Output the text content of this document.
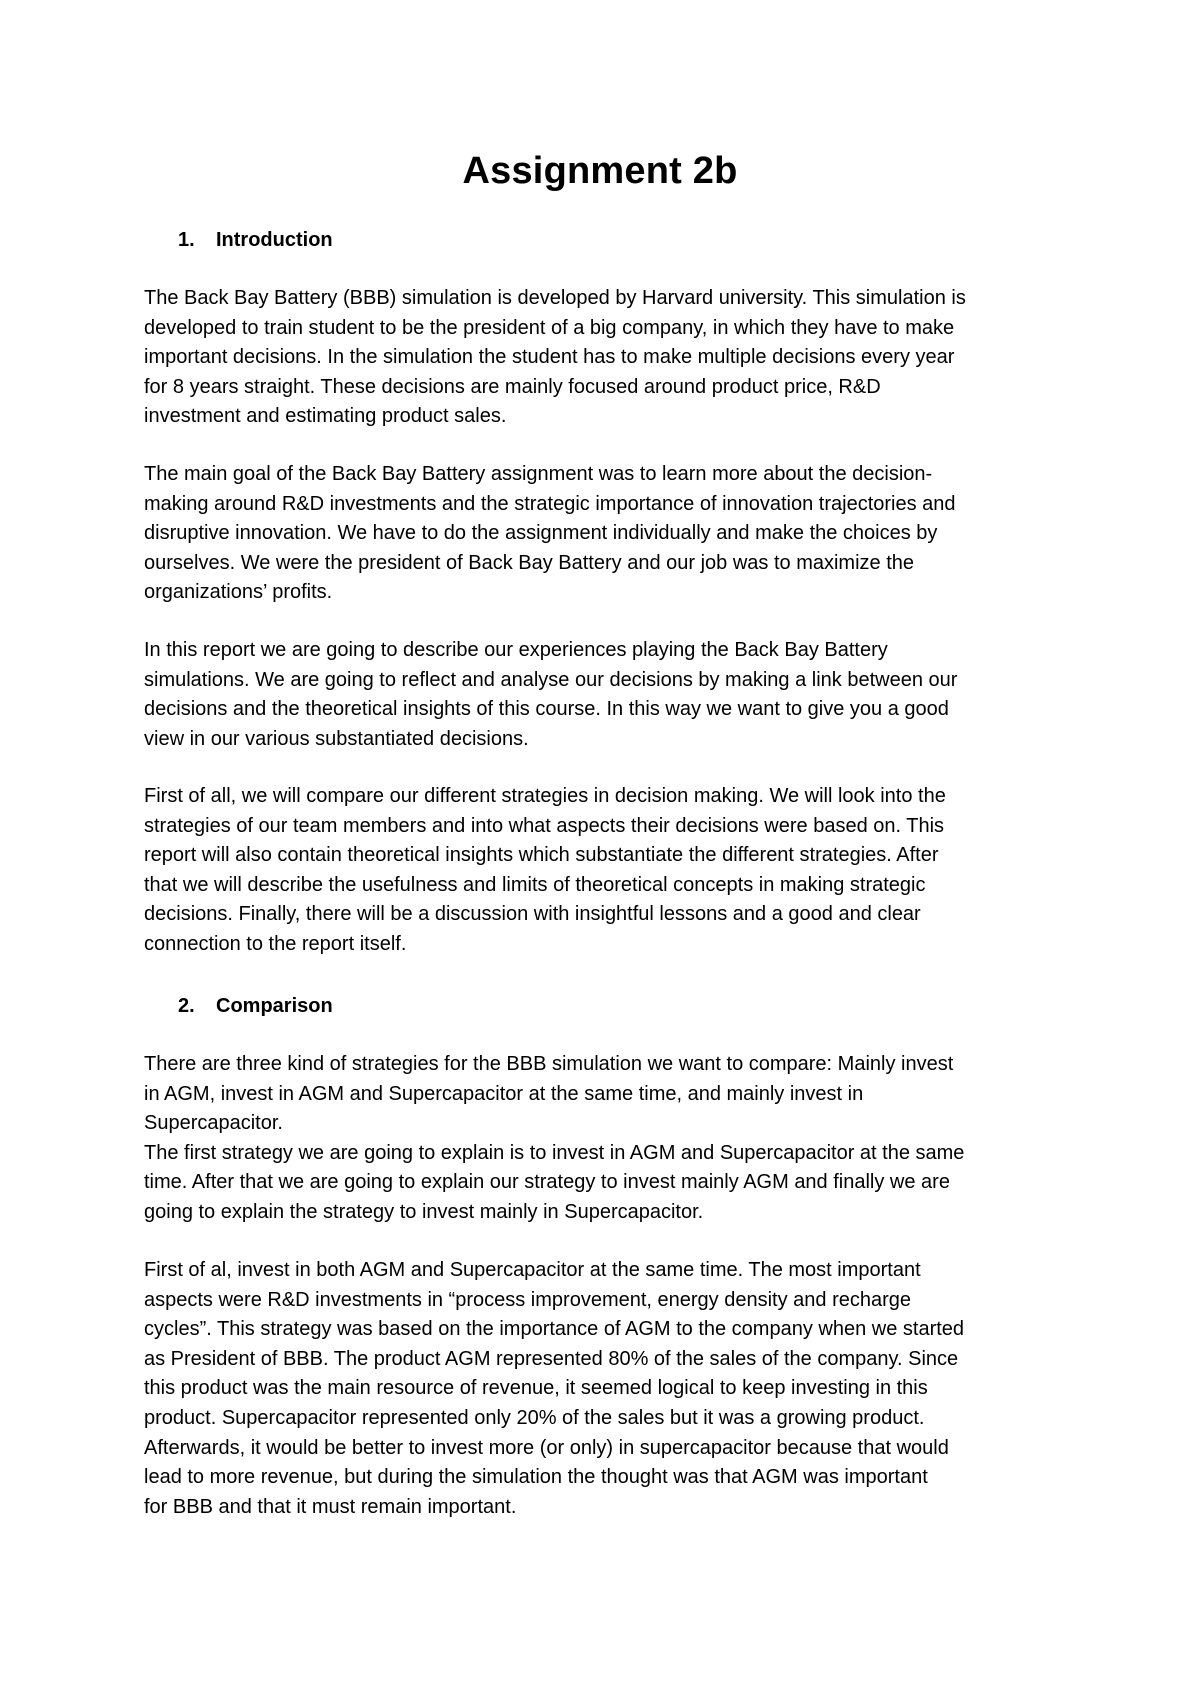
Assignment 2b
1. Introduction
The Back Bay Battery (BBB) simulation is developed by Harvard university. This simulation is
developed to train student to be the president of a big company, in which they have to make
important decisions. In the simulation the student has to make multiple decisions every year
for 8 years straight. These decisions are mainly focused around product price, R&D
investment and estimating product sales.
The main goal of the Back Bay Battery assignment was to learn more about the decision-
making around R&D investments and the strategic importance of innovation trajectories and
disruptive innovation. We have to do the assignment individually and make the choices by
ourselves. We were the president of Back Bay Battery and our job was to maximize the
organizations’ profits.
In this report we are going to describe our experiences playing the Back Bay Battery
simulations. We are going to reflect and analyse our decisions by making a link between our
decisions and the theoretical insights of this course. In this way we want to give you a good
view in our various substantiated decisions.
First of all, we will compare our different strategies in decision making. We will look into the
strategies of our team members and into what aspects their decisions were based on. This
report will also contain theoretical insights which substantiate the different strategies. After
that we will describe the usefulness and limits of theoretical concepts in making strategic
decisions. Finally, there will be a discussion with insightful lessons and a good and clear
connection to the report itself.
2. Comparison
There are three kind of strategies for the BBB simulation we want to compare: Mainly invest
in AGM, invest in AGM and Supercapacitor at the same time, and mainly invest in
Supercapacitor.
The first strategy we are going to explain is to invest in AGM and Supercapacitor at the same
time. After that we are going to explain our strategy to invest mainly AGM and finally we are
going to explain the strategy to invest mainly in Supercapacitor.
First of al, invest in both AGM and Supercapacitor at the same time. The most important
aspects were R&D investments in “process improvement, energy density and recharge
cycles”. This strategy was based on the importance of AGM to the company when we started
as President of BBB. The product AGM represented 80% of the sales of the company. Since
this product was the main resource of revenue, it seemed logical to keep investing in this
product. Supercapacitor represented only 20% of the sales but it was a growing product.
Afterwards, it would be better to invest more (or only) in supercapacitor because that would
lead to more revenue, but during the simulation the thought was that AGM was important
for BBB and that it must remain important.
